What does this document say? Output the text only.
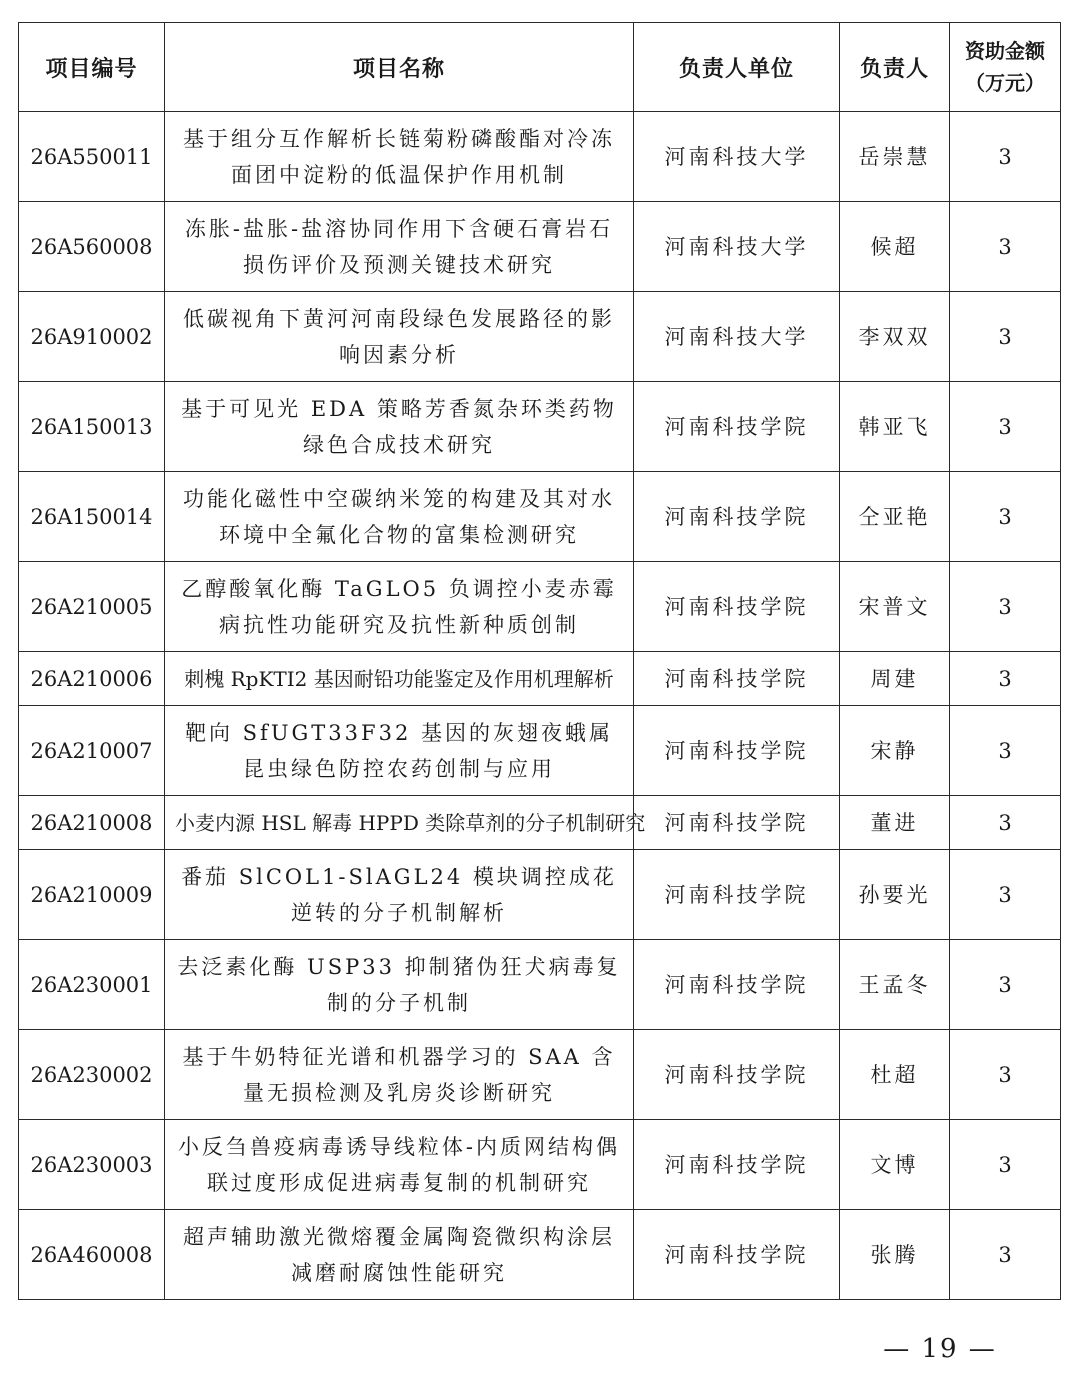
项目编号	项目名称	负责人单位	负责人	资助金额
（万元）

26A550011	基于组分互作解析长链菊粉磷酸酯对冷冻面团中淀粉的低温保护作用机制	河南科技大学	岳崇慧	3
26A560008	冻胀-盐胀-盐溶协同作用下含硬石膏岩石损伤评价及预测关键技术研究	河南科技大学	候超	3
26A910002	低碳视角下黄河河南段绿色发展路径的影响因素分析	河南科技大学	李双双	3
26A150013	基于可见光 EDA 策略芳香氮杂环类药物绿色合成技术研究	河南科技学院	韩亚飞	3
26A150014	功能化磁性中空碳纳米笼的构建及其对水环境中全氟化合物的富集检测研究	河南科技学院	仝亚艳	3
26A210005	乙醇酸氧化酶 TaGLO5 负调控小麦赤霉病抗性功能研究及抗性新种质创制	河南科技学院	宋普文	3
26A210006	刺槐 RpKTI2 基因耐铅功能鉴定及作用机理解析	河南科技学院	周建	3
26A210007	靶向 SfUGT33F32 基因的灰翅夜蛾属昆虫绿色防控农药创制与应用	河南科技学院	宋静	3
26A210008	小麦内源 HSL 解毒 HPPD 类除草剂的分子机制研究	河南科技学院	董进	3
26A210009	番茄 SlCOL1-SlAGL24 模块调控成花逆转的分子机制解析	河南科技学院	孙要光	3
26A230001	去泛素化酶 USP33 抑制猪伪狂犬病毒复制的分子机制	河南科技学院	王孟冬	3
26A230002	基于牛奶特征光谱和机器学习的 SAA 含量无损检测及乳房炎诊断研究	河南科技学院	杜超	3
26A230003	小反刍兽疫病毒诱导线粒体-内质网结构偶联过度形成促进病毒复制的机制研究	河南科技学院	文博	3
26A460008	超声辅助激光微熔覆金属陶瓷微织构涂层减磨耐腐蚀性能研究	河南科技学院	张腾	3
— 19 —
